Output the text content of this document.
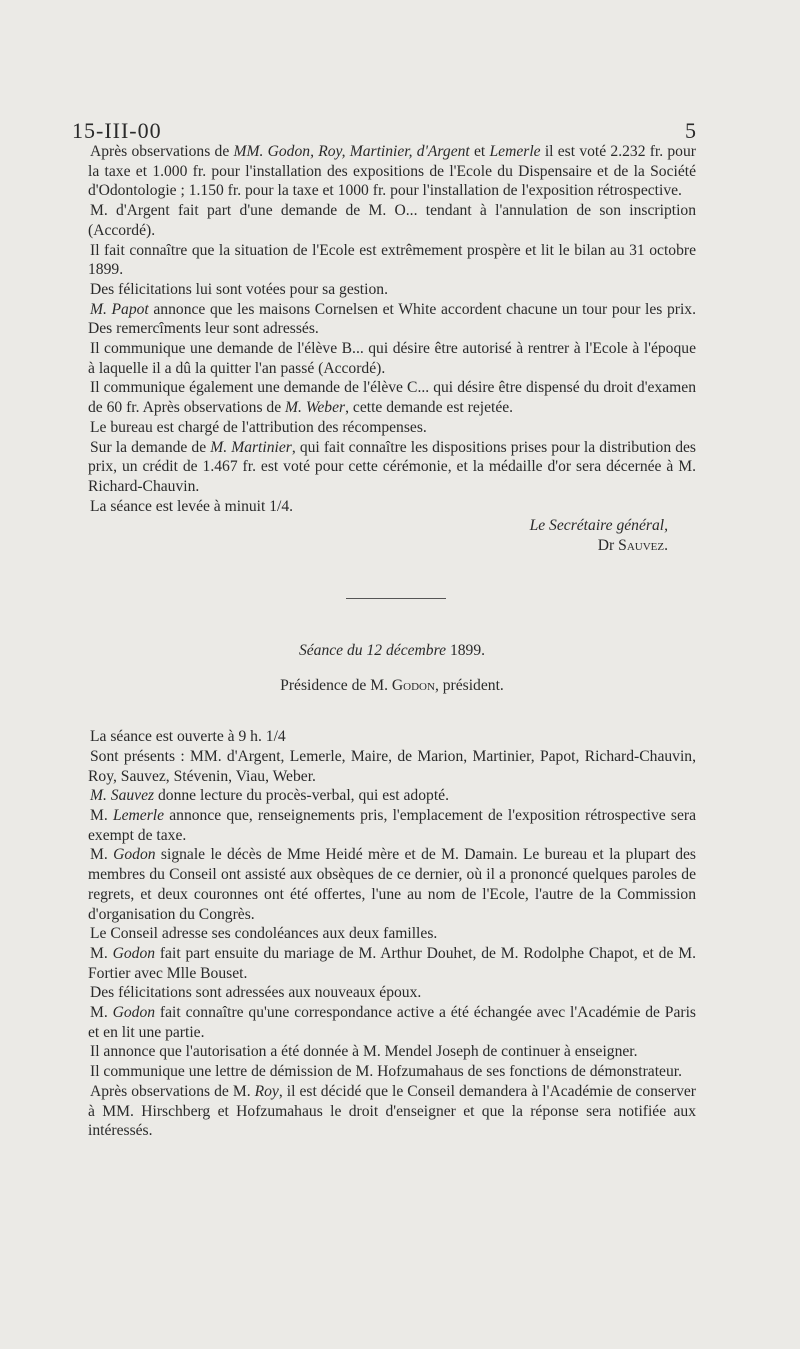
15-III-00	5

Après observations de MM. Godon, Roy, Martinier, d'Argent et Lemerle il est voté 2.232 fr. pour la taxe et 1.000 fr. pour l'installation des expositions de l'Ecole du Dispensaire et de la Société d'Odontologie ; 1.150 fr. pour la taxe et 1000 fr. pour l'installation de l'exposition rétrospective.

M. d'Argent fait part d'une demande de M. O... tendant à l'annulation de son inscription (Accordé).

Il fait connaître que la situation de l'Ecole est extrêmement prospère et lit le bilan au 31 octobre 1899.

Des félicitations lui sont votées pour sa gestion.

M. Papot annonce que les maisons Cornelsen et White accordent chacune un tour pour les prix. Des remercîments leur sont adressés.

Il communique une demande de l'élève B... qui désire être autorisé à rentrer à l'Ecole à l'époque à laquelle il a dû la quitter l'an passé (Accordé).

Il communique également une demande de l'élève C... qui désire être dispensé du droit d'examen de 60 fr. Après observations de M. Weber, cette demande est rejetée.

Le bureau est chargé de l'attribution des récompenses.

Sur la demande de M. Martinier, qui fait connaître les dispositions prises pour la distribution des prix, un crédit de 1.467 fr. est voté pour cette cérémonie, et la médaille d'or sera décernée à M. Richard-Chauvin.

La séance est levée à minuit 1/4.

Le Secrétaire général,
Dr Sauvez.
Séance du 12 décembre 1899.
Présidence de M. Godon, président.

La séance est ouverte à 9 h. 1/4

Sont présents : MM. d'Argent, Lemerle, Maire, de Marion, Martinier, Papot, Richard-Chauvin, Roy, Sauvez, Stévenin, Viau, Weber.

M. Sauvez donne lecture du procès-verbal, qui est adopté.

M. Lemerle annonce que, renseignements pris, l'emplacement de l'exposition rétrospective sera exempt de taxe.

M. Godon signale le décès de Mme Heidé mère et de M. Damain. Le bureau et la plupart des membres du Conseil ont assisté aux obsèques de ce dernier, où il a prononcé quelques paroles de regrets, et deux couronnes ont été offertes, l'une au nom de l'Ecole, l'autre de la Commission d'organisation du Congrès.

Le Conseil adresse ses condoléances aux deux familles.

M. Godon fait part ensuite du mariage de M. Arthur Douhet, de M. Rodolphe Chapot, et de M. Fortier avec Mlle Bouset.

Des félicitations sont adressées aux nouveaux époux.

M. Godon fait connaître qu'une correspondance active a été échangée avec l'Académie de Paris et en lit une partie.

Il annonce que l'autorisation a été donnée à M. Mendel Joseph de continuer à enseigner.

Il communique une lettre de démission de M. Hofzumahaus de ses fonctions de démonstrateur.

Après observations de M. Roy, il est décidé que le Conseil demandera à l'Académie de conserver à MM. Hirschberg et Hofzumahaus le droit d'enseigner et que la réponse sera notifiée aux intéressés.
